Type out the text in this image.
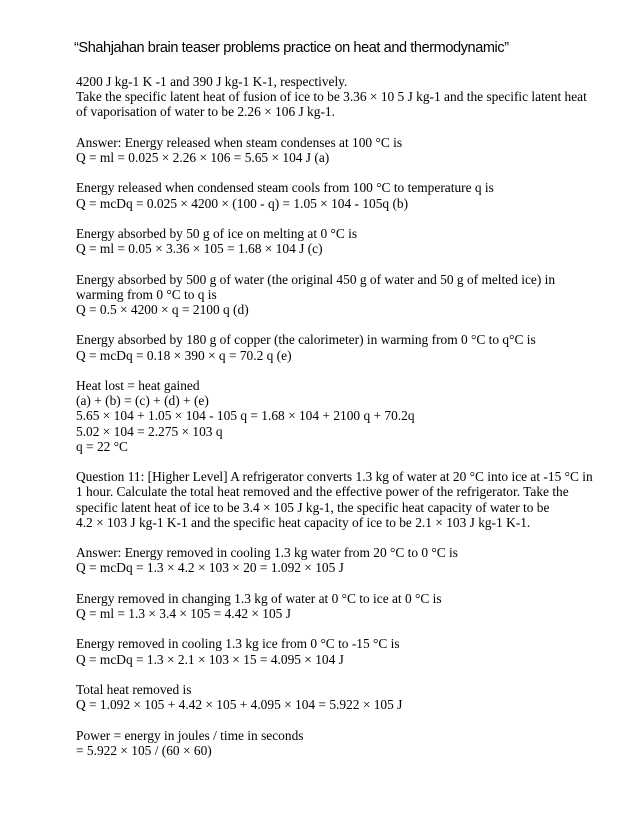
“Shahjahan brain teaser problems practice on heat and thermodynamic”

4200 J kg-1 K -1 and 390 J kg-1 K-1, respectively.
Take the specific latent heat of fusion of ice to be 3.36 × 10 5 J kg-1 and the specific latent heat
of vaporisation of water to be 2.26 × 106 J kg-1.

Answer: Energy released when steam condenses at 100 °C is
Q = ml = 0.025 × 2.26 × 106 = 5.65 × 104 J (a)

Energy released when condensed steam cools from 100 °C to temperature q is
Q = mcDq = 0.025 × 4200 × (100 - q) = 1.05 × 104 - 105q (b)

Energy absorbed by 50 g of ice on melting at 0 °C is
Q = ml = 0.05 × 3.36 × 105 = 1.68 × 104 J (c)

Energy absorbed by 500 g of water (the original 450 g of water and 50 g of melted ice) in
warming from 0 °C to q is
Q = 0.5 × 4200 × q = 2100 q (d)

Energy absorbed by 180 g of copper (the calorimeter) in warming from 0 °C to q°C is
Q = mcDq = 0.18 × 390 × q = 70.2 q (e)

Heat lost = heat gained
(a) + (b) = (c) + (d) + (e)
5.65 × 104 + 1.05 × 104 - 105 q = 1.68 × 104 + 2100 q + 70.2q
5.02 × 104 = 2.275 × 103 q
q = 22 °C

Question 11: [Higher Level] A refrigerator converts 1.3 kg of water at 20 °C into ice at -15 °C in
1 hour. Calculate the total heat removed and the effective power of the refrigerator. Take the
specific latent heat of ice to be 3.4 × 105 J kg-1, the specific heat capacity of water to be
4.2 × 103 J kg-1 K-1 and the specific heat capacity of ice to be 2.1 × 103 J kg-1 K-1.

Answer: Energy removed in cooling 1.3 kg water from 20 °C to 0 °C is
Q = mcDq = 1.3 × 4.2 × 103 × 20 = 1.092 × 105 J

Energy removed in changing 1.3 kg of water at 0 °C to ice at 0 °C is
Q = ml = 1.3 × 3.4 × 105 = 4.42 × 105 J

Energy removed in cooling 1.3 kg ice from 0 °C to -15 °C is
Q = mcDq = 1.3 × 2.1 × 103 × 15 = 4.095 × 104 J

Total heat removed is
Q = 1.092 × 105 + 4.42 × 105 + 4.095 × 104 = 5.922 × 105 J

Power = energy in joules / time in seconds
= 5.922 × 105 / (60 × 60)
